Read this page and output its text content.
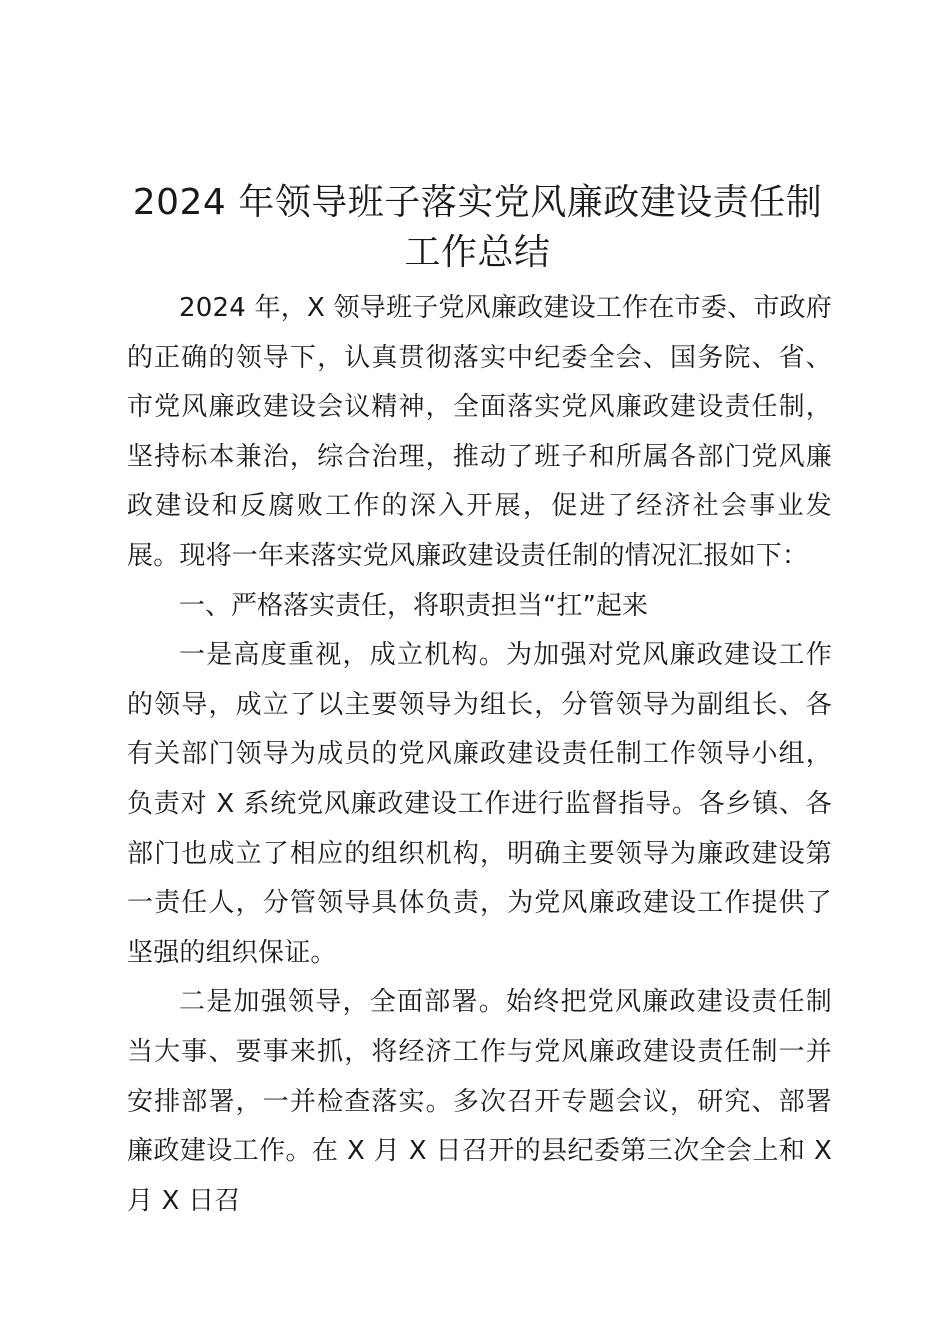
2024 年领导班子落实党风廉政建设责任制工作总结

2024 年，X 领导班子党风廉政建设工作在市委、市政府的正确的领导下，认真贯彻落实中纪委全会、国务院、省、市党风廉政建设会议精神，全面落实党风廉政建设责任制，坚持标本兼治，综合治理，推动了班子和所属各部门党风廉政建设和反腐败工作的深入开展，促进了经济社会事业发展。现将一年来落实党风廉政建设责任制的情况汇报如下：

一、严格落实责任，将职责担当“扛”起来

一是高度重视，成立机构。为加强对党风廉政建设工作的领导，成立了以主要领导为组长，分管领导为副组长、各有关部门领导为成员的党风廉政建设责任制工作领导小组，负责对 X 系统党风廉政建设工作进行监督指导。各乡镇、各部门也成立了相应的组织机构，明确主要领导为廉政建设第一责任人，分管领导具体负责，为党风廉政建设工作提供了坚强的组织保证。

二是加强领导，全面部署。始终把党风廉政建设责任制当大事、要事来抓，将经济工作与党风廉政建设责任制一并安排部署，一并检查落实。多次召开专题会议，研究、部署廉政建设工作。在 X 月 X 日召开的县纪委第三次全会上和 X 月 X 日召
